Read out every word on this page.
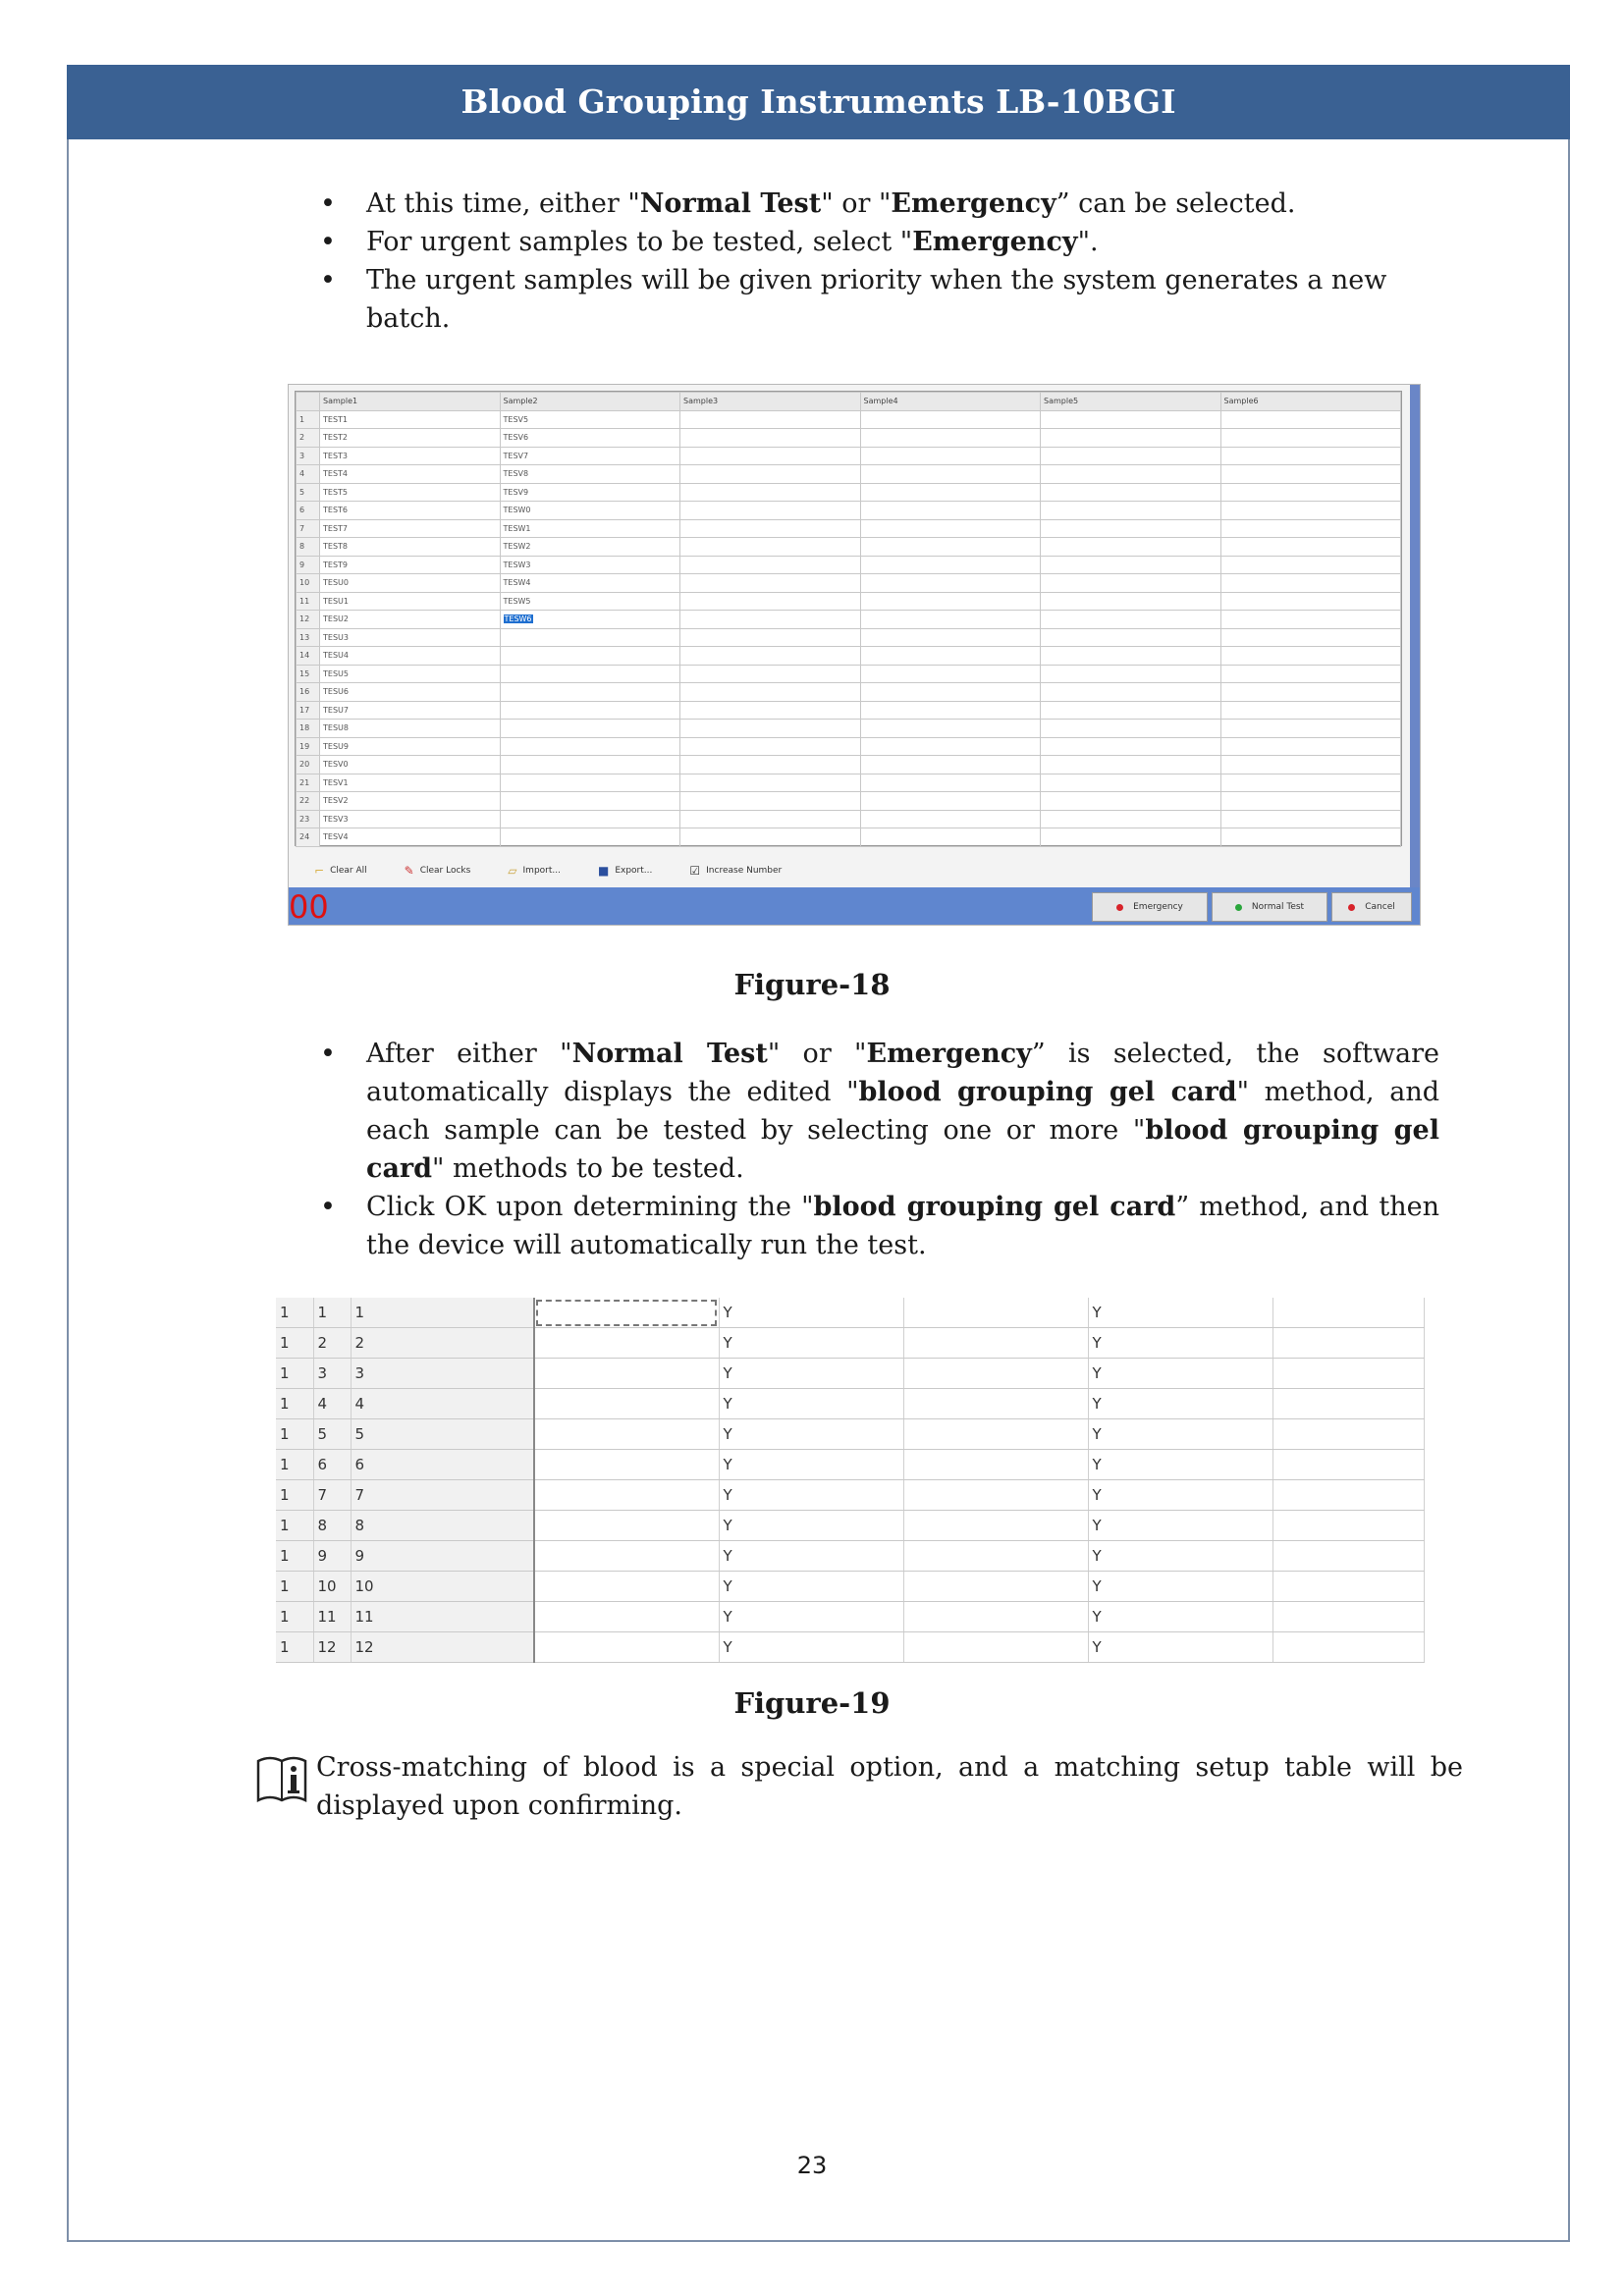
Blood Grouping Instruments LB-10BGI
• At this time, either "Normal Test" or "Emergency” can be selected.
• For urgent samples to be tested, select "Emergency".
• The urgent samples will be given priority when the system generates a new batch.
	Sample1	Sample2	Sample3	Sample4	Sample5	Sample6
1	TEST1	TESV5				
2	TEST2	TESV6				
3	TEST3	TESV7				
4	TEST4	TESV8				
5	TEST5	TESV9				
6	TEST6	TESW0				
7	TEST7	TESW1				
8	TEST8	TESW2				
9	TEST9	TESW3				
10	TESU0	TESW4				
11	TESU1	TESW5				
12	TESU2	TESW6				
13	TESU3					
14	TESU4					
15	TESU5					
16	TESU6					
17	TESU7					
18	TESU8					
19	TESU9					
20	TESV0					
21	TESV1					
22	TESV2					
23	TESV3					
24	TESV4					
⌐ Clear All	✎ Clear Locks	▱ Import...	■ Export...	☑ Increase Number
00	Emergency	Normal Test	Cancel
Figure-18
• After either "Normal Test" or "Emergency” is selected, the software automatically displays the edited "blood grouping gel card" method, and each sample can be tested by selecting one or more "blood grouping gel card" methods to be tested.
• Click OK upon determining the "blood grouping gel card” method, and then the device will automatically run the test.
1	1	1		Y		Y	
1	2	2		Y		Y	
1	3	3		Y		Y	
1	4	4		Y		Y	
1	5	5		Y		Y	
1	6	6		Y		Y	
1	7	7		Y		Y	
1	8	8		Y		Y	
1	9	9		Y		Y	
1	10	10		Y		Y	
1	11	11		Y		Y	
1	12	12		Y		Y	
Figure-19
Cross-matching of blood is a special option, and a matching setup table will be displayed upon confirming.
23
